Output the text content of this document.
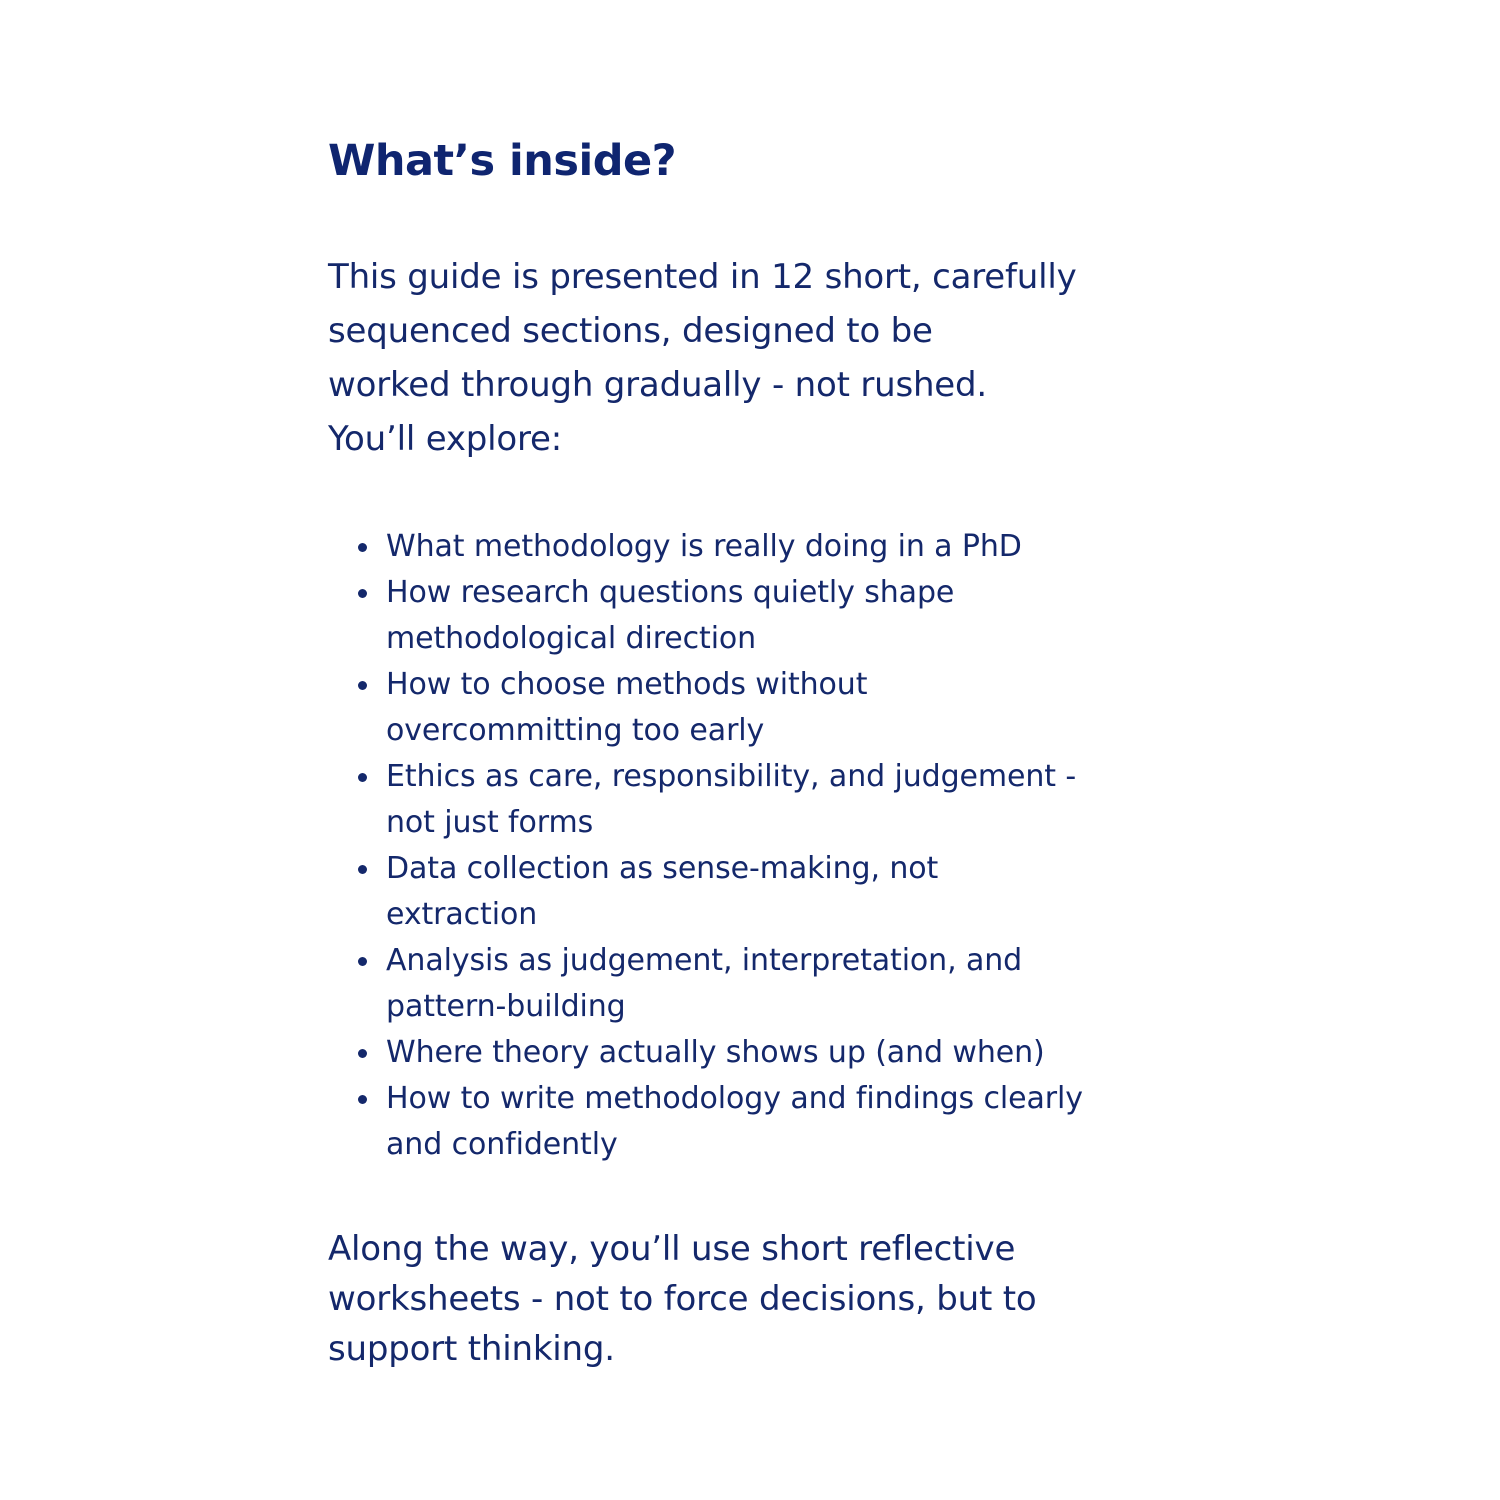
What’s inside?

This guide is presented in 12 short, carefully
sequenced sections, designed to be
worked through gradually - not rushed.
You’ll explore:

What methodology is really doing in a PhD
How research questions quietly shape
methodological direction
How to choose methods without
overcommitting too early
Ethics as care, responsibility, and judgement -
not just forms
Data collection as sense-making, not
extraction
Analysis as judgement, interpretation, and
pattern-building
Where theory actually shows up (and when)
How to write methodology and findings clearly
and confidently

Along the way, you’ll use short reflective
worksheets - not to force decisions, but to
support thinking.
